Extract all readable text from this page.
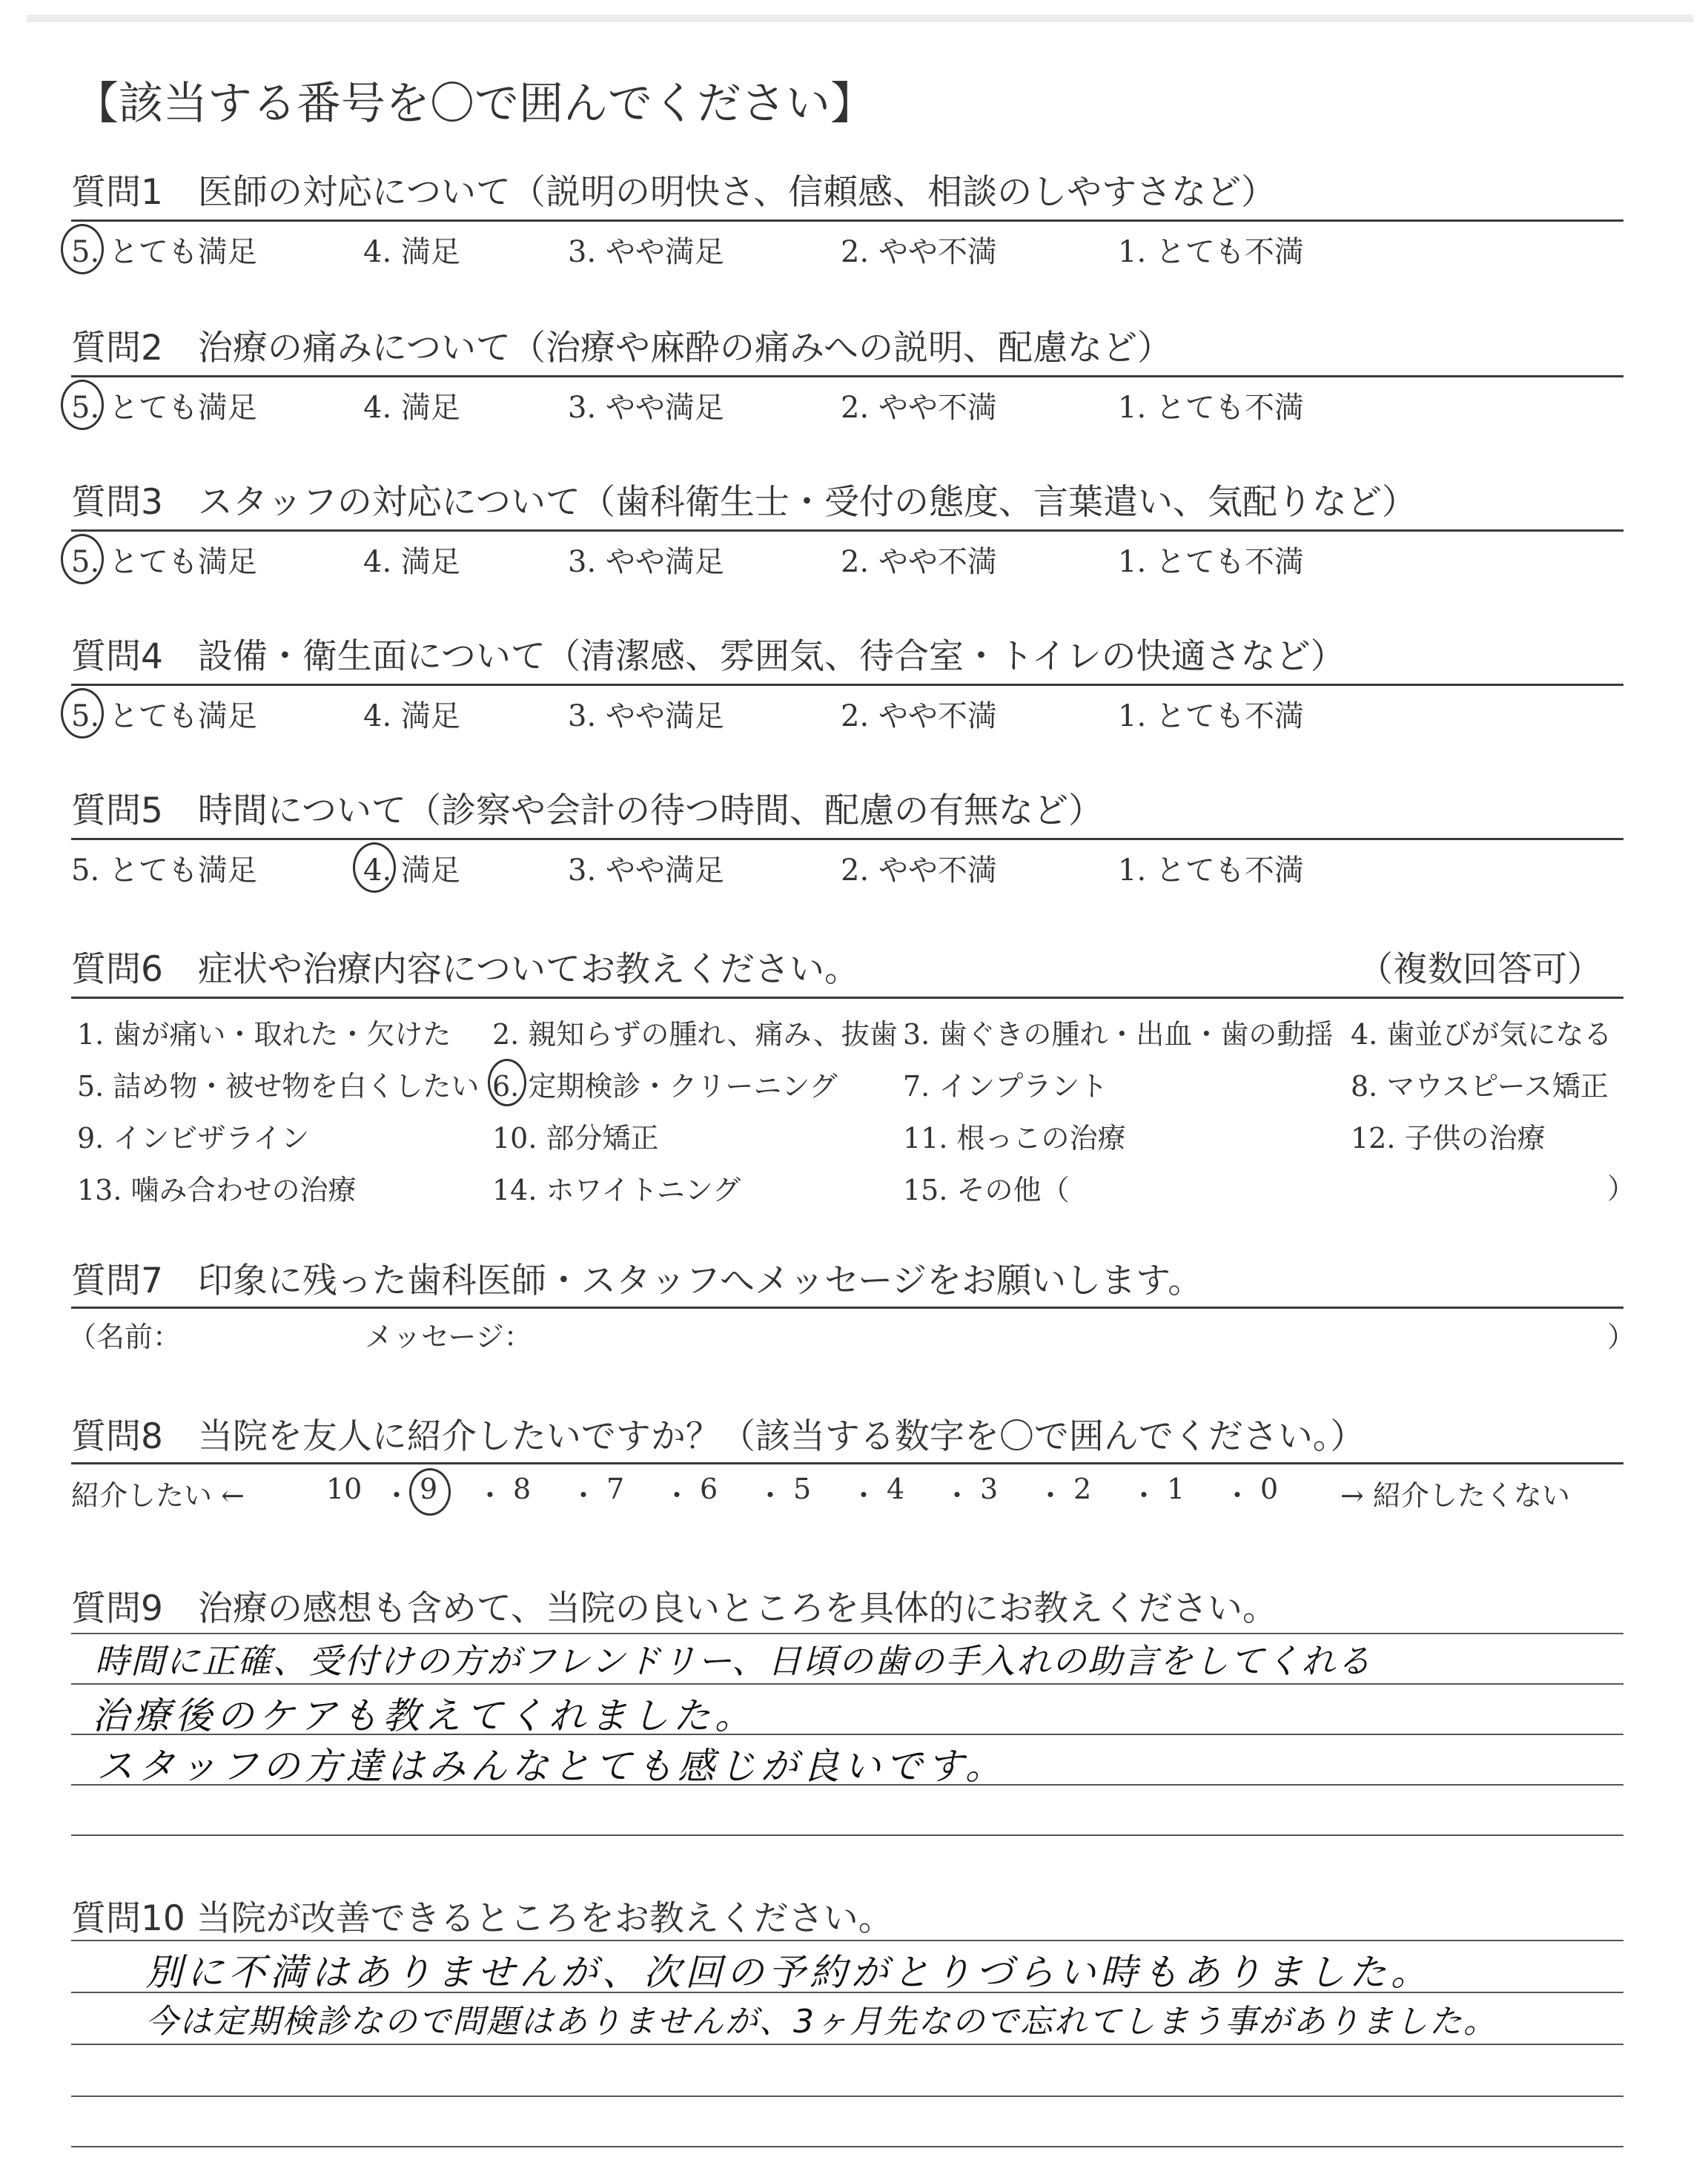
【該当する番号を〇で囲んでください】
質問1　医師の対応について（説明の明快さ、信頼感、相談のしやすさなど）
5. とても満足	4. 満足	3. やや満足	2. やや不満	1. とても不満
質問2　治療の痛みについて（治療や麻酔の痛みへの説明、配慮など）
5. とても満足	4. 満足	3. やや満足	2. やや不満	1. とても不満
質問3　スタッフの対応について（歯科衛生士・受付の態度、言葉遣い、気配りなど）
5. とても満足	4. 満足	3. やや満足	2. やや不満	1. とても不満
質問4　設備・衛生面について（清潔感、雰囲気、待合室・トイレの快適さなど）
5. とても満足	4. 満足	3. やや満足	2. やや不満	1. とても不満
質問5　時間について（診察や会計の待つ時間、配慮の有無など）
5. とても満足	4. 満足	3. やや満足	2. やや不満	1. とても不満
質問6　症状や治療内容についてお教えください。	（複数回答可）
1. 歯が痛い・取れた・欠けた 2. 親知らずの腫れ、痛み、抜歯 3. 歯ぐきの腫れ・出血・歯の動揺 4. 歯並びが気になる
5. 詰め物・被せ物を白くしたい 6. 定期検診・クリーニング 7. インプラント	8. マウスピース矯正
9. インビザライン	10. 部分矯正	11. 根っこの治療	12. 子供の治療
13. 噛み合わせの治療	14. ホワイトニング	15. その他（	）
質問7　印象に残った歯科医師・スタッフへメッセージをお願いします。
（名前：	メッセージ：	）
質問8　当院を友人に紹介したいですか？（該当する数字を〇で囲んでください。）
紹介したい ←	→ 紹介したくない
10 ・ 9 ・ 8 ・ 7 ・ 6 ・ 5 ・ 4 ・ 3 ・ 2 ・ 1 ・ 0
質問9　治療の感想も含めて、当院の良いところを具体的にお教えください。
時間に正確、受付けの方がフレンドリー、日頃の歯の手入れの助言をしてくれる
治療後のケアも教えてくれました。
スタッフの方達はみんなとても感じが良いです。
質問10 当院が改善できるところをお教えください。
別に不満はありませんが、次回の予約がとりづらい時もありました。
今は定期検診なので問題はありませんが、3ヶ月先なので忘れてしまう事がありました。
